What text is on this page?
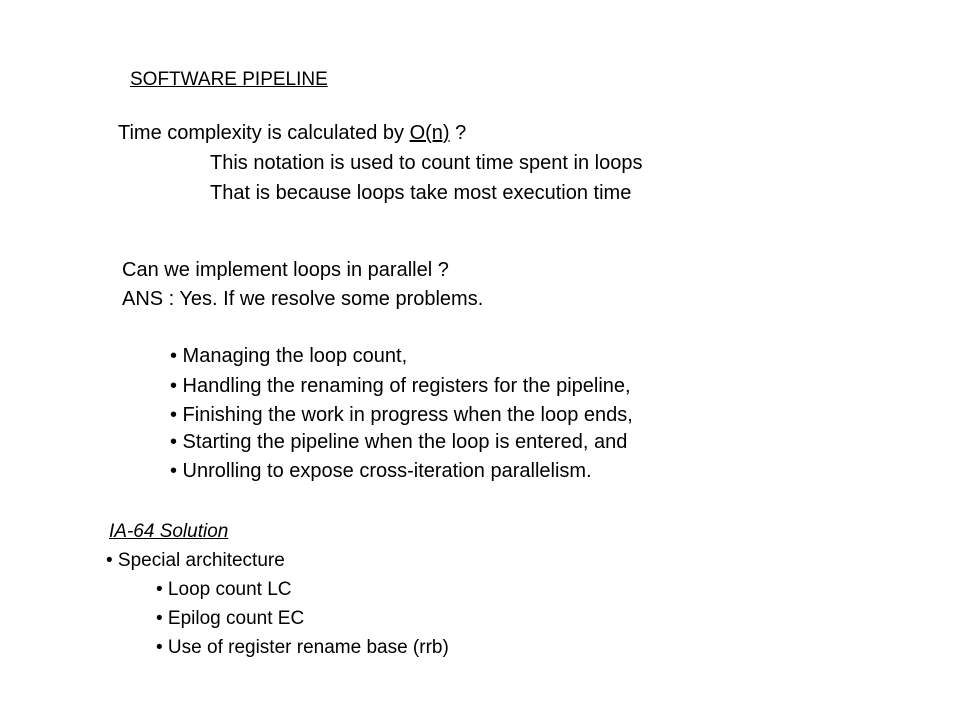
SOFTWARE PIPELINE
Time complexity is calculated by O(n) ?
This notation is used to count time spent in loops
That is because loops take most execution time
Can we implement loops in parallel ?
ANS : Yes. If we resolve some problems.
• Managing the loop count,
• Handling the renaming of registers for the pipeline,
• Finishing the work in progress when the loop ends,
• Starting the pipeline when the loop is entered, and
• Unrolling to expose cross-iteration parallelism.
IA-64 Solution
• Special architecture
• Loop count LC
• Epilog count EC
• Use of register rename base (rrb)
